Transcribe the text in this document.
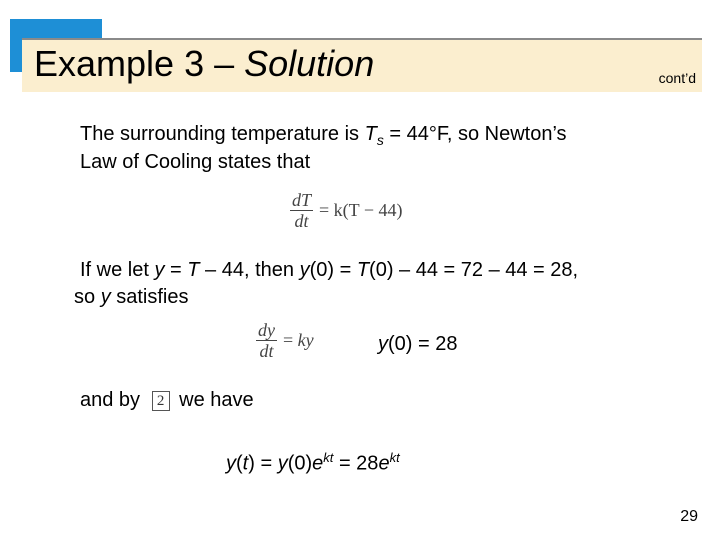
Example 3 – Solution	cont’d
The surrounding temperature is $T_s = 44^\circ F$, so Newton’s
Law of Cooling states that
$\frac{dT}{dt} = k(T - 44)$
If we let y = T – 44, then y(0) = T(0) – 44 = 72 – 44 = 28,
so y satisfies
$\frac{dy}{dt}$ =
ky	y(0) = 28
and by 2 we have
$y(t) = y(0)e^{kt} = 28e^{kt}$
29
